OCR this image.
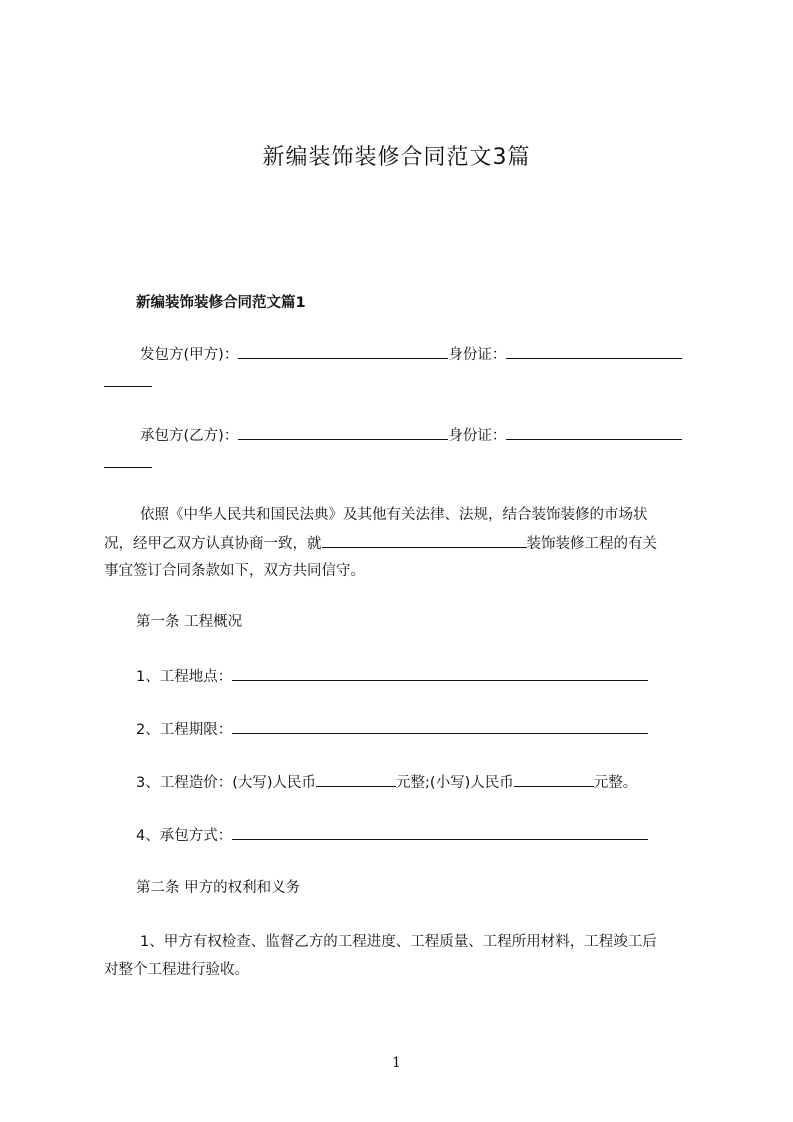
新编装饰装修合同范文3篇

新编装饰装修合同范文篇1

发包方(甲方)：	身份证：

承包方(乙方)：	身份证：

依照《中华人民共和国民法典》及其他有关法律、法规，结合装饰装修的市场状

况，经甲乙双方认真协商一致，就	装饰装修工程的有关

事宜签订合同条款如下，双方共同信守。

第一条 工程概况

1、工程地点：

2、工程期限：

3、工程造价：(大写)人民币	元整;(小写)人民币	元整。

4、承包方式：

第二条 甲方的权利和义务

1、甲方有权检查、监督乙方的工程进度、工程质量、工程所用材料，工程竣工后

对整个工程进行验收。

1
